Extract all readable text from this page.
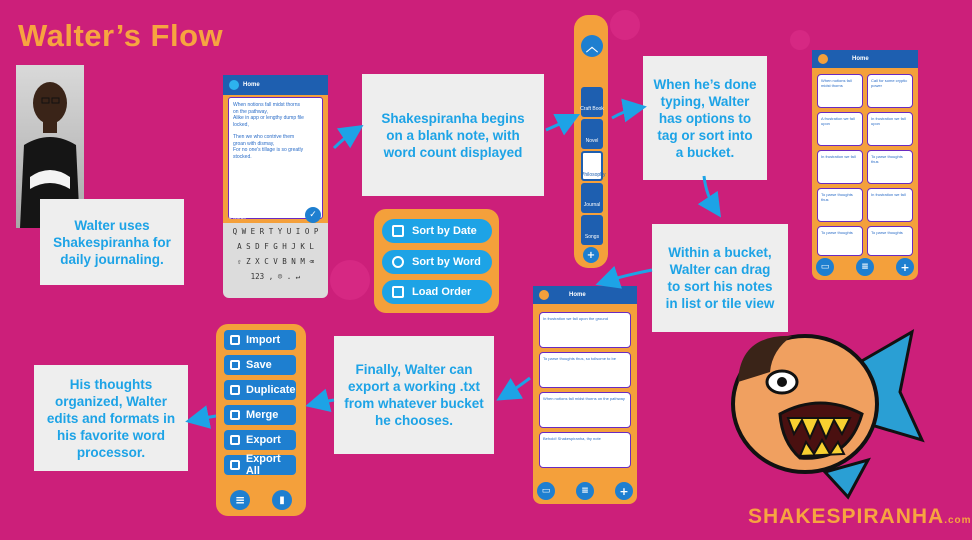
Walter’s Flow
Walter uses Shakespiranha for daily journaling.
Home
When notions fall midst thorns
on the pathway,
Alike in app or lengthy dump file
locked,
Then we who contrive them
groan with dismay,
For no one's tillage is so greatly
stocked.
0 Words	✓
Q W E R T Y U I O P
A S D F G H J K L
⇧ Z X C V B N M ⌫
123 , ☺ . ↵
Shakespiranha begins on a blank note, with word count displayed
Sort by Date
Sort by Word
Load Order
︿
Craft Book
Novel
Philosophy
Journal
Songs
+
When he’s done typing, Walter has options to tag or sort into a bucket.
Home
When notions fall midst thorns
Call for some cryptic power
A frustration we fall upon
In frustration we fall upon
In frustration we fall	To parse thoughts thus
To parse thoughts thus
In frustration we fall
To parse thoughts	To parse thoughts
▭	≡	+
Within a bucket, Walter can drag to sort his notes in list or tile view
Home
In frustration we fall upon the ground
To parse thoughts thus, so toilsome to be
When notions fall midst thorns on the pathway
Behold! Shakespiranha, thy note
▭	≡	+
Finally, Walter can export a working .txt from whatever bucket he chooses.
Import
Save
Duplicate
Merge
Export
Export All
≡	▮
His thoughts organized, Walter edits and formats in his favorite word processor.
SHAKESPIRANHA.com
